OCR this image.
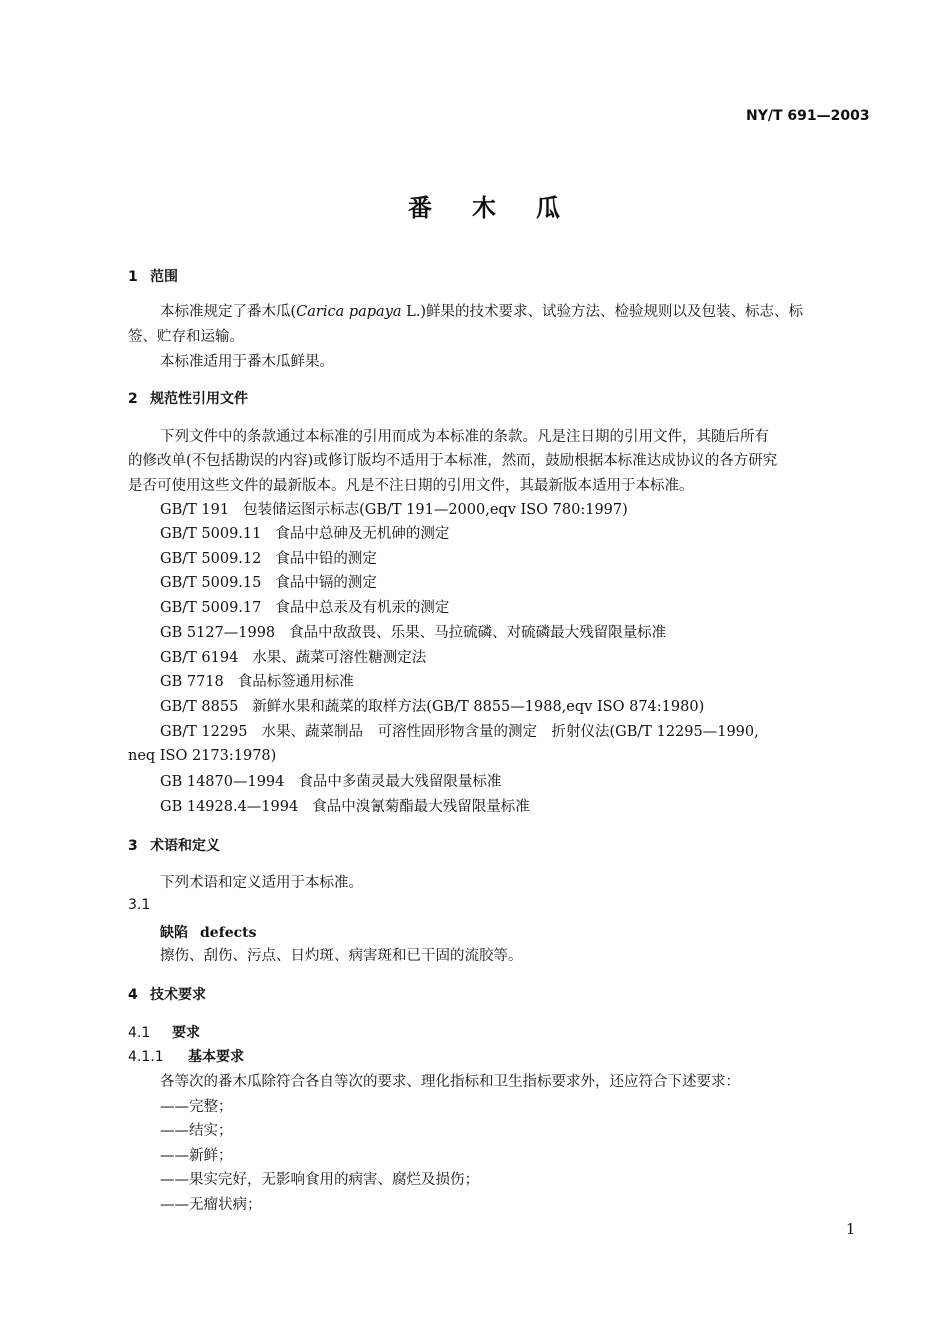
NY/T 691—2003
番木瓜
1 范围
本标准规定了番木瓜(Carica papaya L.)鲜果的技术要求、试验方法、检验规则以及包装、标志、标
签、贮存和运输。
本标准适用于番木瓜鲜果。
2 规范性引用文件
下列文件中的条款通过本标准的引用而成为本标准的条款。凡是注日期的引用文件，其随后所有
的修改单(不包括勘误的内容)或修订版均不适用于本标准，然而，鼓励根据本标准达成协议的各方研究
是否可使用这些文件的最新版本。凡是不注日期的引用文件，其最新版本适用于本标准。
GB/T 191 包装储运图示标志(GB/T 191—2000,eqv ISO 780:1997)
GB/T 5009.11 食品中总砷及无机砷的测定
GB/T 5009.12 食品中铅的测定
GB/T 5009.15 食品中镉的测定
GB/T 5009.17 食品中总汞及有机汞的测定
GB 5127—1998 食品中敌敌畏、乐果、马拉硫磷、对硫磷最大残留限量标准
GB/T 6194 水果、蔬菜可溶性糖测定法
GB 7718 食品标签通用标准
GB/T 8855 新鲜水果和蔬菜的取样方法(GB/T 8855—1988,eqv ISO 874:1980)
GB/T 12295 水果、蔬菜制品　可溶性固形物含量的测定　折射仪法(GB/T 12295—1990,
neq ISO 2173:1978)
GB 14870—1994 食品中多菌灵最大残留限量标准
GB 14928.4—1994 食品中溴氰菊酯最大残留限量标准
3 术语和定义
下列术语和定义适用于本标准。
3.1
缺陷 defects
擦伤、刮伤、污点、日灼斑、病害斑和已干固的流胶等。
4 技术要求
4.1 要求
4.1.1 基本要求
各等次的番木瓜除符合各自等次的要求、理化指标和卫生指标要求外，还应符合下述要求：
——完整；
——结实；
——新鲜；
——果实完好，无影响食用的病害、腐烂及损伤；
——无瘤状病；
1
